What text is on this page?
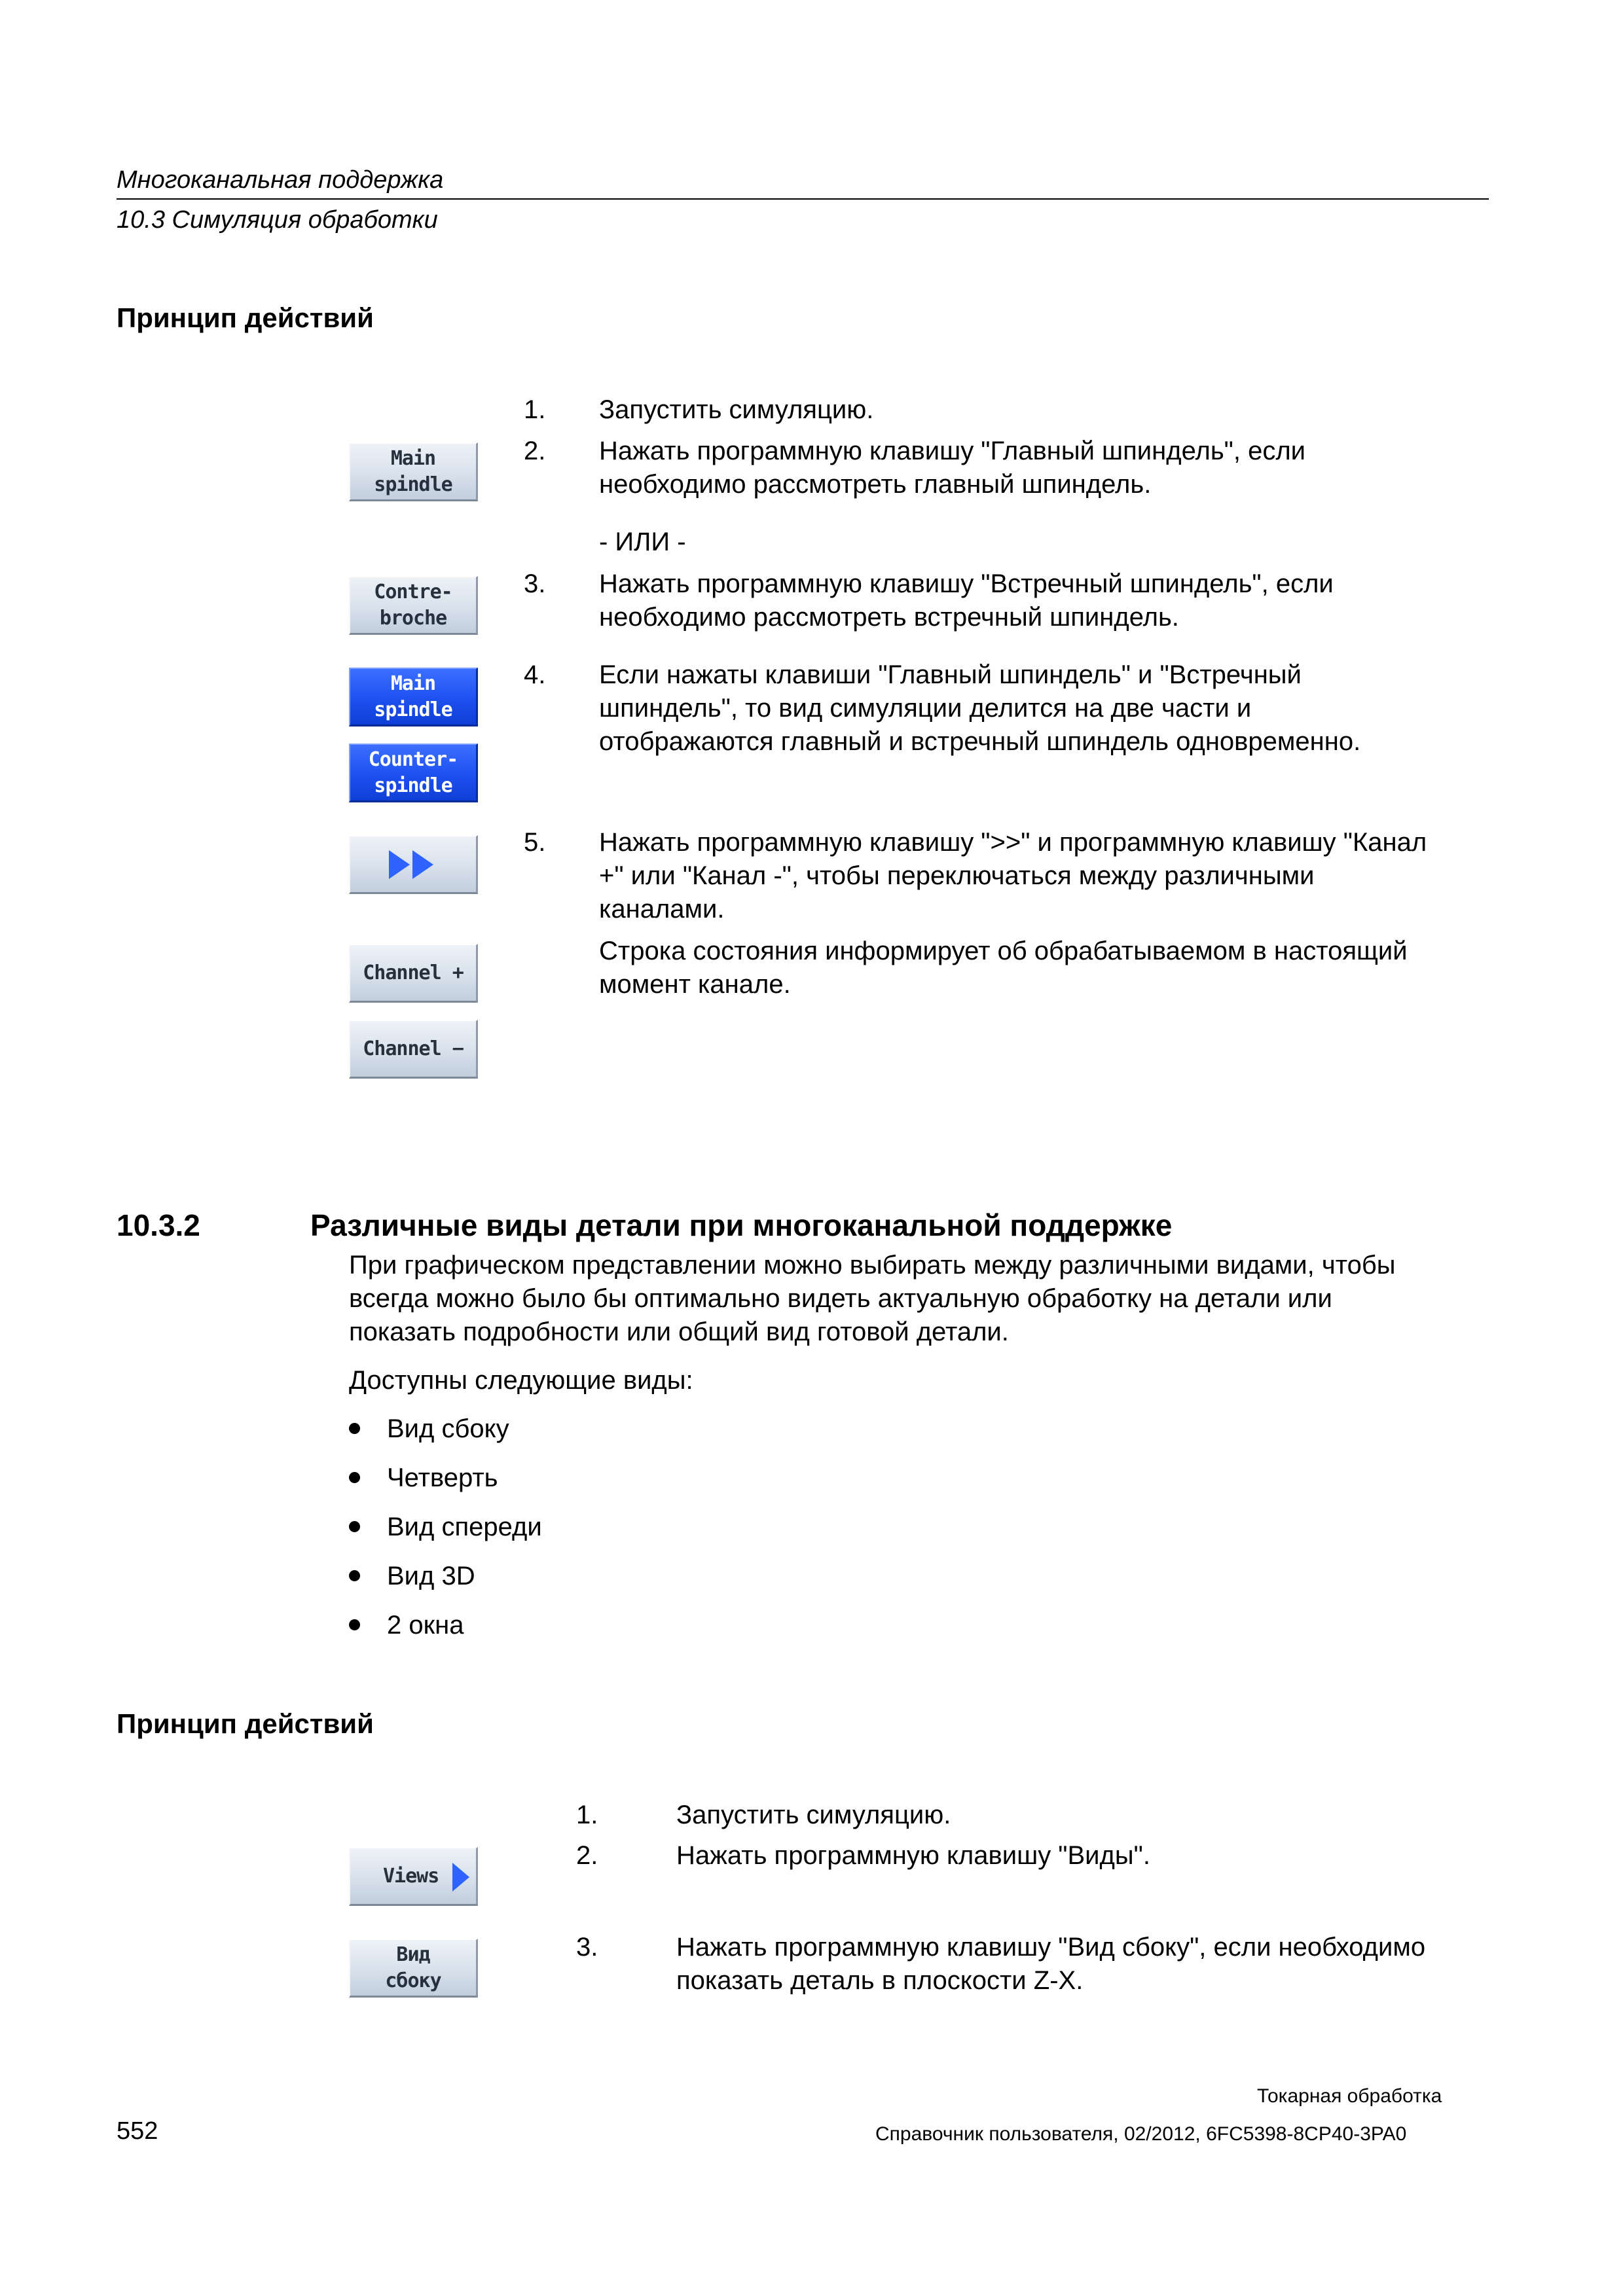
Многоканальная поддержка
10.3 Симуляция обработки
Принцип действий
1. Запустить симуляцию.
2. Нажать программную клавишу "Главный шпиндель", если
необходимо рассмотреть главный шпиндель.
- ИЛИ -
3. Нажать программную клавишу "Встречный шпиндель", если
необходимо рассмотреть встречный шпиндель.
4. Если нажаты клавиши "Главный шпиндель" и "Встречный
шпиндель", то вид симуляции делится на две части и
отображаются главный и встречный шпиндель одновременно.
5. Нажать программную клавишу ">>" и программную клавишу "Канал
+" или "Канал -", чтобы переключаться между различными
каналами.
Строка состояния информирует об обрабатываемом в настоящий
момент канале.
Main
spindle
Contre-
broche
Main
spindle
Counter-
spindle
Channel +
Channel −
10.3.2	Различные виды детали при многоканальной поддержке
При графическом представлении можно выбирать между различными видами, чтобы
всегда можно было бы оптимально видеть актуальную обработку на детали или
показать подробности или общий вид готовой детали.
Доступны следующие виды:
Вид сбоку
Четверть
Вид спереди
Вид 3D
2 окна
Принцип действий
1.	Запустить симуляцию.
2.	Нажать программную клавишу "Виды".
3.	Нажать программную клавишу "Вид сбоку", если необходимо
показать деталь в плоскости Z-X.
Views
Вид
сбоку
Токарная обработка
552	Справочник пользователя, 02/2012, 6FC5398-8CP40-3PA0
